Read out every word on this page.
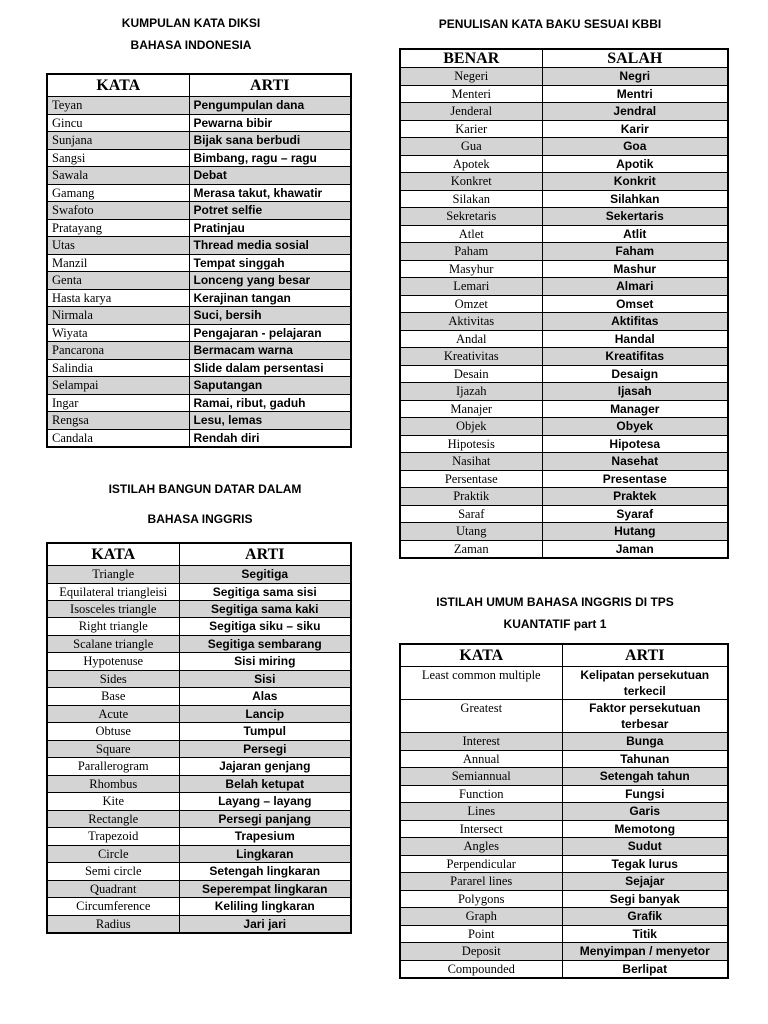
KUMPULAN KATA DIKSI
BAHASA INDONESIA
KATA	ARTI
Teyan	Pengumpulan dana
Gincu	Pewarna bibir
Sunjana	Bijak sana berbudi
Sangsi	Bimbang, ragu – ragu
Sawala	Debat
Gamang	Merasa takut, khawatir
Swafoto	Potret selfie
Pratayang	Pratinjau
Utas	Thread media sosial
Manzil	Tempat singgah
Genta	Lonceng yang besar
Hasta karya	Kerajinan tangan
Nirmala	Suci, bersih
Wiyata	Pengajaran - pelajaran
Pancarona	Bermacam warna
Salindia	Slide dalam persentasi
Selampai	Saputangan
Ingar	Ramai, ribut, gaduh
Rengsa	Lesu, lemas
Candala	Rendah diri
ISTILAH BANGUN DATAR DALAM
BAHASA INGGRIS
KATA	ARTI
Triangle	Segitiga
Equilateral triangleisi	Segitiga sama sisi
Isosceles triangle	Segitiga sama kaki
Right triangle	Segitiga siku – siku
Scalane triangle	Segitiga sembarang
Hypotenuse	Sisi miring
Sides	Sisi
Base	Alas
Acute	Lancip
Obtuse	Tumpul
Square	Persegi
Parallerogram	Jajaran genjang
Rhombus	Belah ketupat
Kite	Layang – layang
Rectangle	Persegi panjang
Trapezoid	Trapesium
Circle	Lingkaran
Semi circle	Setengah lingkaran
Quadrant	Seperempat lingkaran
Circumference	Keliling lingkaran
Radius	Jari jari
PENULISAN KATA BAKU SESUAI KBBI
BENAR	SALAH
Negeri	Negri
Menteri	Mentri
Jenderal	Jendral
Karier	Karir
Gua	Goa
Apotek	Apotik
Konkret	Konkrit
Silakan	Silahkan
Sekretaris	Sekertaris
Atlet	Atlit
Paham	Faham
Masyhur	Mashur
Lemari	Almari
Omzet	Omset
Aktivitas	Aktifitas
Andal	Handal
Kreativitas	Kreatifitas
Desain	Desaign
Ijazah	Ijasah
Manajer	Manager
Objek	Obyek
Hipotesis	Hipotesa
Nasihat	Nasehat
Persentase	Presentase
Praktik	Praktek
Saraf	Syaraf
Utang	Hutang
Zaman	Jaman
ISTILAH UMUM BAHASA INGGRIS DI TPS
KUANTATIF part 1
KATA	ARTI
Least common multiple	Kelipatan persekutuan terkecil
Greatest	Faktor persekutuan terbesar
Interest	Bunga
Annual	Tahunan
Semiannual	Setengah tahun
Function	Fungsi
Lines	Garis
Intersect	Memotong
Angles	Sudut
Perpendicular	Tegak lurus
Pararel lines	Sejajar
Polygons	Segi banyak
Graph	Grafik
Point	Titik
Deposit	Menyimpan / menyetor
Compounded	Berlipat
